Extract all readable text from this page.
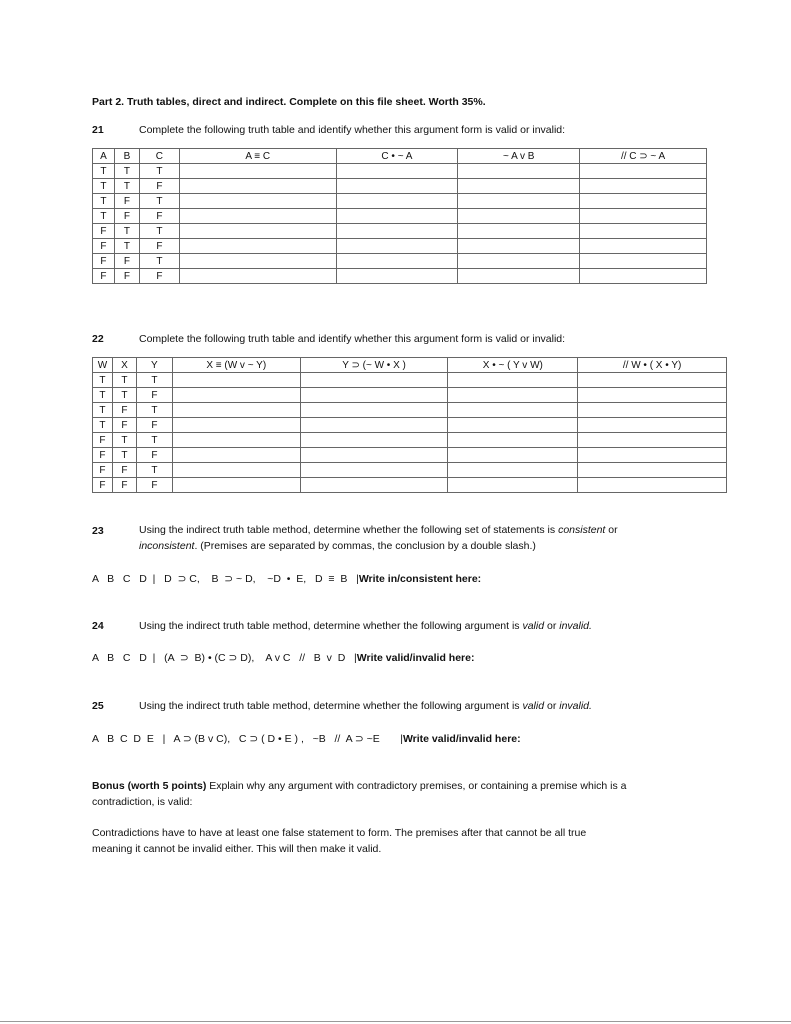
Part 2. Truth tables, direct and indirect. Complete on this file sheet. Worth 35%.
21	Complete the following truth table and identify whether this argument form is valid or invalid:
A	B	C	A ≡ C	C • ~ A	~ A v B	// C ⊃ ~ A
T	T	T				
T	T	F				
T	F	T				
T	F	F				
F	T	T				
F	T	F				
F	F	T				
F	F	F				
22	Complete the following truth table and identify whether this argument form is valid or invalid:
W	X	Y	X ≡ (W v ~ Y)	Y ⊃ (~ W • X )	X • ~ ( Y v W)	// W • ( X • Y)
T	T	T				
T	T	F				
T	F	T				
T	F	F				
F	T	T				
F	T	F				
F	F	T				
F	F	F				
23	Using the indirect truth table method, determine whether the following set of statements is consistent or
inconsistent. (Premises are separated by commas, the conclusion by a double slash.)
A   B   C   D  |   D  ⊃ C,    B  ⊃ ~ D,    ~D  •  E,   D  ≡  B   |Write in/consistent here:
24	Using the indirect truth table method, determine whether the following argument is valid or invalid.
A   B   C   D  |   (A  ⊃  B) • (C ⊃ D),    A v C   //   B  v  D   |Write valid/invalid here:
25	Using the indirect truth table method, determine whether the following argument is valid or invalid.
A   B  C  D  E   |   A ⊃ (B v C),   C ⊃ ( D • E ) ,   ~B   //  A ⊃ ~E       |Write valid/invalid here:
Bonus (worth 5 points) Explain why any argument with contradictory premises, or containing a premise which is a
contradiction, is valid:
Contradictions have to have at least one false statement to form. The premises after that cannot be all true
meaning it cannot be invalid either. This will then make it valid.
